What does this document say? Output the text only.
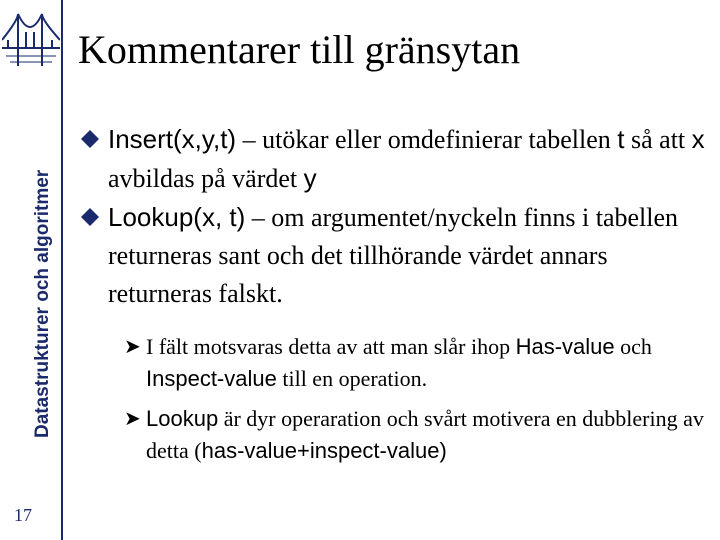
Datastrukturer och algoritmer
17
Kommentarer till gränsytan
Insert(x,y,t) – utökar eller omdefinierar tabellen t så att x avbildas på värdet y
Lookup(x, t) – om argumentet/nyckeln finns i tabellen returneras sant och det tillhörande värdet annars returneras falskt.
➤ I fält motsvaras detta av att man slår ihop Has-value och Inspect-value till en operation.
➤ Lookup är dyr operaration och svårt motivera en dubblering av detta (has-value+inspect-value)
